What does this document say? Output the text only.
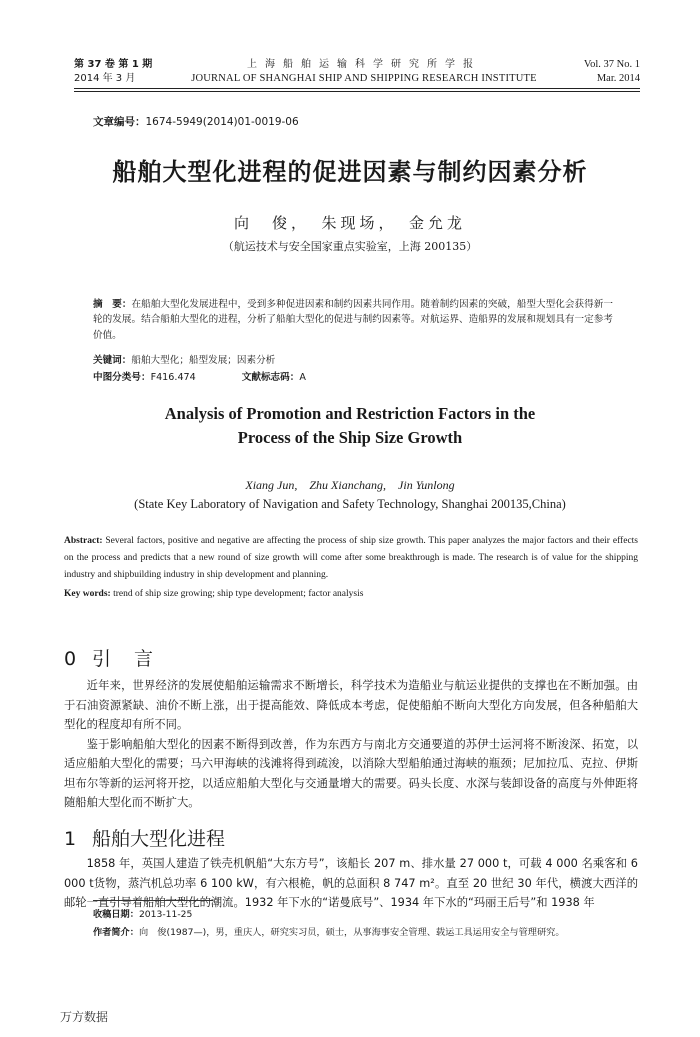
第 37 卷 第 1 期
2014 年 3 月
上海船舶运输科学研究所学报
JOURNAL OF SHANGHAI SHIP AND SHIPPING RESEARCH INSTITUTE
Vol. 37 No. 1
Mar. 2014
文章编号：1674-5949(2014)01-0019-06
船舶大型化进程的促进因素与制约因素分析
向　俊，　朱现场，　金允龙
（航运技术与安全国家重点实验室，上海 200135）
摘　要：在船舶大型化发展进程中，受到多种促进因素和制约因素共同作用。随着制约因素的突破，船型大型化会获得新一轮的发展。结合船舶大型化的进程，分析了船舶大型化的促进与制约因素等。对航运界、造船界的发展和规划具有一定参考价值。
关键词：船舶大型化；船型发展；因素分析
中图分类号：F416.474	文献标志码：A
Analysis of Promotion and Restriction Factors in the
Process of the Ship Size Growth
Xiang Jun,　Zhu Xianchang,　Jin Yunlong
(State Key Laboratory of Navigation and Safety Technology, Shanghai 200135,China)
Abstract: Several factors, positive and negative are affecting the process of ship size growth. This paper analyzes the major factors and their effects on the process and predicts that a new round of size growth will come after some breakthrough is made. The research is of value for the shipping industry and shipbuilding industry in ship development and planning.
Key words: trend of ship size growing; ship type development; factor analysis
0 引　言

近年来，世界经济的发展使船舶运输需求不断增长，科学技术为造船业与航运业提供的支撑也在不断加强。由于石油资源紧缺、油价不断上涨，出于提高能效、降低成本考虑，促使船舶不断向大型化方向发展，但各种船舶大型化的程度却有所不同。

鉴于影响船舶大型化的因素不断得到改善，作为东西方与南北方交通要道的苏伊士运河将不断浚深、拓宽，以适应船舶大型化的需要；马六甲海峡的浅滩将得到疏浚，以消除大型船舶通过海峡的瓶颈；尼加拉瓜、克拉、伊斯坦布尔等新的运河将开挖，以适应船舶大型化与交通量增大的需要。码头长度、水深与装卸设备的高度与外伸距将随船舶大型化而不断扩大。

1 船舶大型化进程

1858 年，英国人建造了铁壳机帆船“大东方号”，该船长 207 m、排水量 27 000 t，可载 4 000 名乘客和 6 000 t货物，蒸汽机总功率 6 100 kW，有六根桅，帆的总面积 8 747 m²。直至 20 世纪 30 年代，横渡大西洋的邮轮一直引导着船舶大型化的潮流。1932 年下水的“诺曼底号”、1934 年下水的“玛丽王后号”和 1938 年

收稿日期：2013-11-25
作者简介：向　俊(1987—)，男，重庆人，研究实习员，硕士，从事海事安全管理、载运工具运用安全与管理研究。
万方数据
